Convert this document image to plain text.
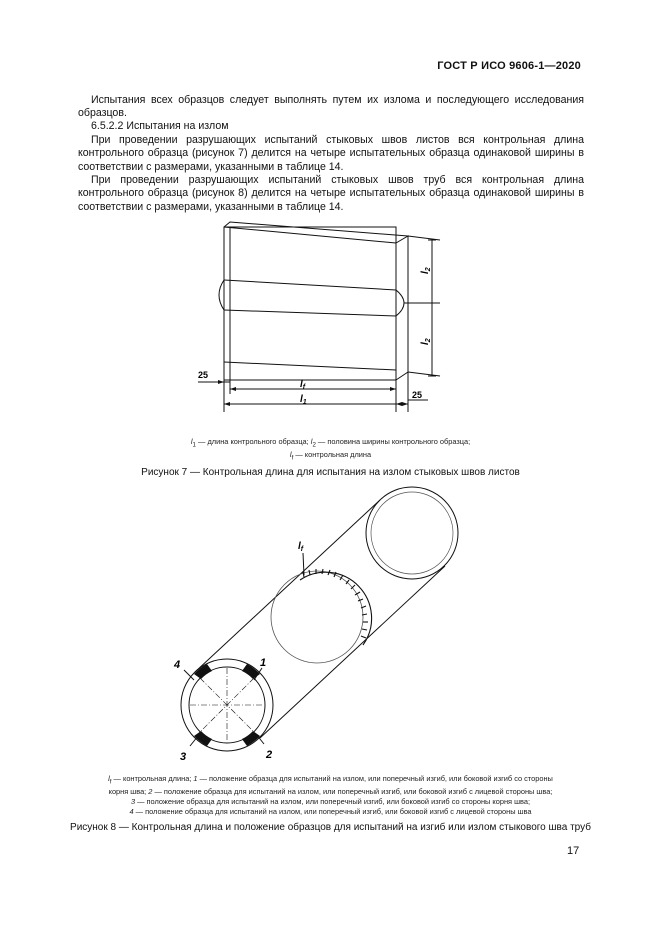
ГОСТ Р ИСО 9606-1—2020

Испытания всех образцов следует выполнять путем их излома и последующего исследования образцов.

6.5.2.2 Испытания на излом

При проведении разрушающих испытаний стыковых швов листов вся контрольная длина контрольного образца (рисунок 7) делится на четыре испытательных образца одинаковой ширины в соответствии с размерами, указанными в таблице 14.

При проведении разрушающих испытаний стыковых швов труб вся контрольная длина контрольного образца (рисунок 8) делится на четыре испытательных образца одинаковой ширины в соответствии с размерами, указанными в таблице 14.

25
25
$l_f$
$l_1$
$l_2$
$l_2$
$l_1$ — длина контрольного образца; $l_2$ — половина ширины контрольного образца;
$l_f$ — контрольная длина
Рисунок 7 — Контрольная длина для испытания на излом стыковых швов листов
$l_f$
4	1
3	2
$l_f$ — контрольная длина; 1 — положение образца для испытаний на излом, или поперечный изгиб, или боковой изгиб со стороны
корня шва; 2 — положение образца для испытаний на излом, или поперечный изгиб, или боковой изгиб с лицевой стороны шва;
3 — положение образца для испытаний на излом, или поперечный изгиб, или боковой изгиб со стороны корня шва;
4 — положение образца для испытаний на излом, или поперечный изгиб, или боковой изгиб с лицевой стороны шва
Рисунок 8 — Контрольная длина и положение образцов для испытаний на изгиб или излом стыкового шва труб
17
